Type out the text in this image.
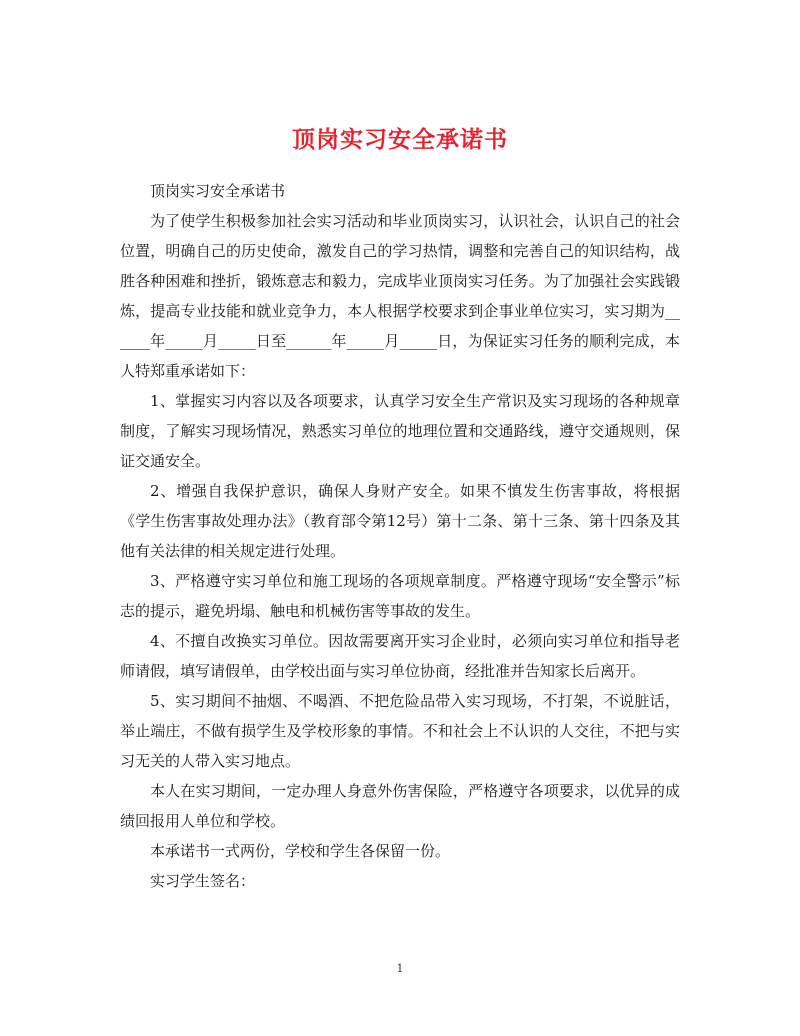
顶岗实习安全承诺书

顶岗实习安全承诺书

为了使学生积极参加社会实习活动和毕业顶岗实习，认识社会，认识自己的社会位置，明确自己的历史使命，激发自己的学习热情，调整和完善自己的知识结构，战胜各种困难和挫折，锻炼意志和毅力，完成毕业顶岗实习任务。为了加强社会实践锻炼，提高专业技能和就业竞争力，本人根据学校要求到企事业单位实习，实习期为______年_____月_____日至______年_____月_____日，为保证实习任务的顺利完成，本人特郑重承诺如下：

1、掌握实习内容以及各项要求，认真学习安全生产常识及实习现场的各种规章制度，了解实习现场情况，熟悉实习单位的地理位置和交通路线，遵守交通规则，保证交通安全。

2、增强自我保护意识，确保人身财产安全。如果不慎发生伤害事故，将根据《学生伤害事故处理办法》（教育部令第12号）第十二条、第十三条、第十四条及其他有关法律的相关规定进行处理。

3、严格遵守实习单位和施工现场的各项规章制度。严格遵守现场“安全警示”标志的提示，避免坍塌、触电和机械伤害等事故的发生。

4、不擅自改换实习单位。因故需要离开实习企业时，必须向实习单位和指导老师请假，填写请假单，由学校出面与实习单位协商，经批准并告知家长后离开。

5、实习期间不抽烟、不喝酒、不把危险品带入实习现场，不打架，不说脏话，举止端庄，不做有损学生及学校形象的事情。不和社会上不认识的人交往，不把与实习无关的人带入实习地点。

本人在实习期间，一定办理人身意外伤害保险，严格遵守各项要求，以优异的成绩回报用人单位和学校。

本承诺书一式两份，学校和学生各保留一份。

实习学生签名：

1
